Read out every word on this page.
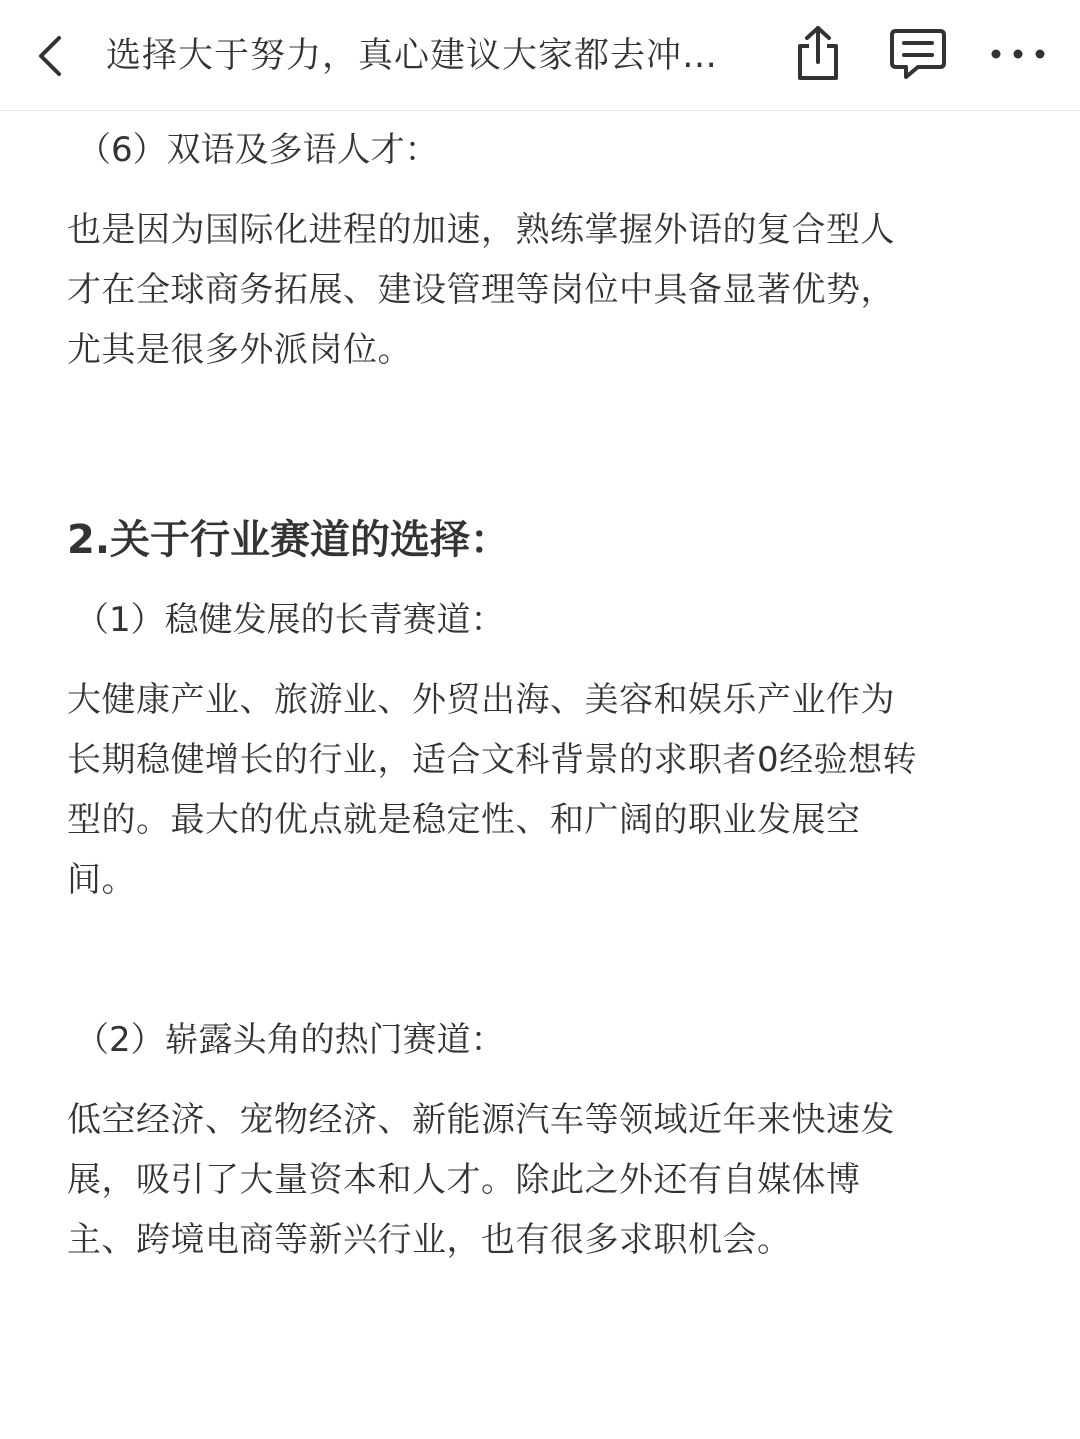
选择大于努力，真心建议大家都去冲…
（6）双语及多语人才：
也是因为国际化进程的加速，熟练掌握外语的复合型人
才在全球商务拓展、建设管理等岗位中具备显著优势，
尤其是很多外派岗位。
2.关于行业赛道的选择：
（1）稳健发展的长青赛道：
大健康产业、旅游业、外贸出海、美容和娱乐产业作为
长期稳健增长的行业，适合文科背景的求职者0经验想转
型的。最大的优点就是稳定性、和广阔的职业发展空
间。
（2）崭露头角的热门赛道：
低空经济、宠物经济、新能源汽车等领域近年来快速发
展，吸引了大量资本和人才。除此之外还有自媒体博
主、跨境电商等新兴行业，也有很多求职机会。
